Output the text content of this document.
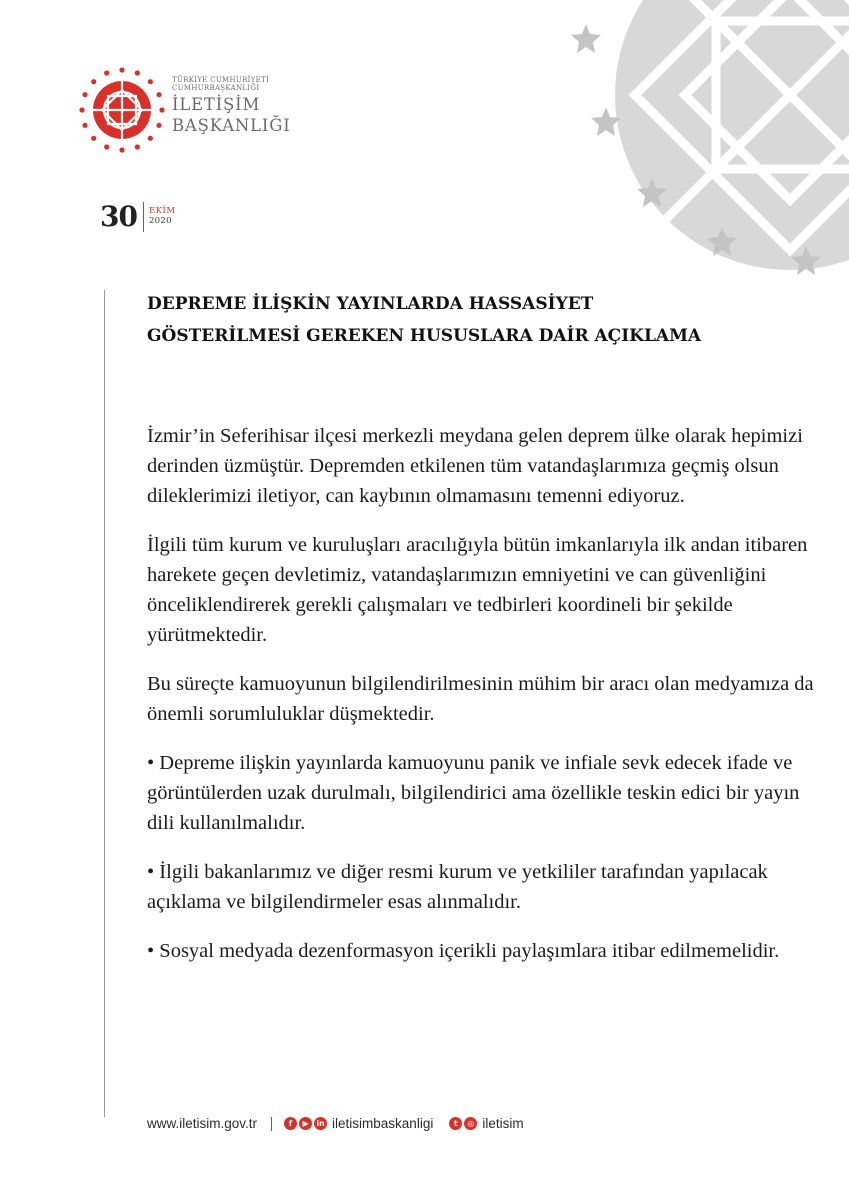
TÜRKİYE CUMHURİYETİ
CUMHURBAŞKANLIĞI
İLETİŞİM
BAŞKANLIĞI
30 EKİM
2020
DEPREME İLİŞKİN YAYINLARDA HASSASİYET
GÖSTERİLMESİ GEREKEN HUSUSLARA DAİR AÇIKLAMA

İzmir’in Seferihisar ilçesi merkezli meydana gelen deprem ülke olarak hepimizi derinden üzmüştür. Depremden etkilenen tüm vatandaşlarımıza geçmiş olsun dileklerimizi iletiyor, can kaybının olmamasını temenni ediyoruz.

İlgili tüm kurum ve kuruluşları aracılığıyla bütün imkanlarıyla ilk andan itibaren harekete geçen devletimiz, vatandaşlarımızın emniyetini ve can güvenliğini önceliklendirerek gerekli çalışmaları ve tedbirleri koordineli bir şekilde yürütmektedir.

Bu süreçte kamuoyunun bilgilendirilmesinin mühim bir aracı olan medyamıza da önemli sorumluluklar düşmektedir.

• Depreme ilişkin yayınlarda kamuoyunu panik ve infiale sevk edecek ifade ve görüntülerden uzak durulmalı, bilgilendirici ama özellikle teskin edici bir yayın dili kullanılmalıdır.

• İlgili bakanlarımız ve diğer resmi kurum ve yetkililer tarafından yapılacak açıklama ve bilgilendirmeler esas alınmalıdır.

• Sosyal medyada dezenformasyon içerikli paylaşımlara itibar edilmemelidir.

www.iletisim.gov.tr	f	▶ in iletisimbaskanligi	t	◎ iletisim
